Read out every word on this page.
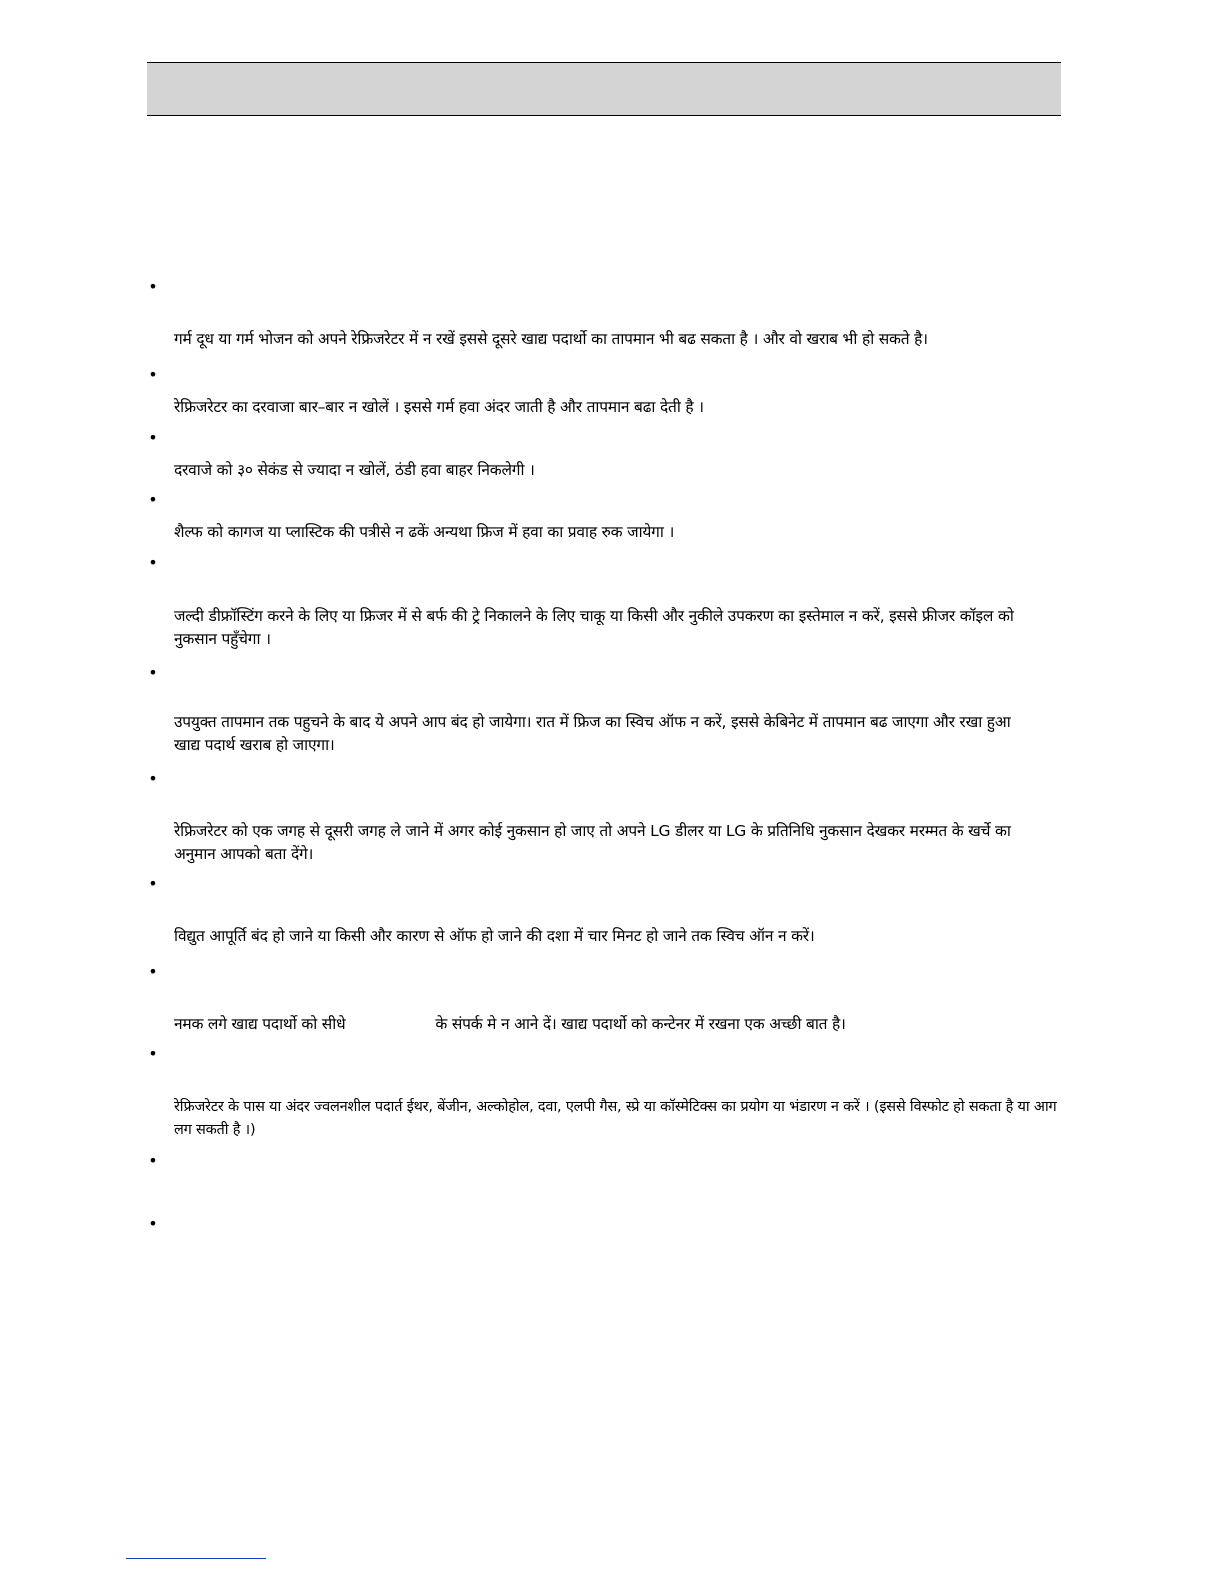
•
•
•
•
•
•
•
•
•
•
•
•
गर्म दूध या गर्म भोजन को अपने रेफ्रिजरेटर में न रखें इससे दूसरे खाद्य पदार्थो का तापमान भी बढ सकता है । और वो खराब भी हो सकते है।
रेफ्रिजरेटर का दरवाजा बार–बार न खोलें । इससे गर्म हवा अंदर जाती है और तापमान बढा देती है ।
दरवाजे को ३० सेकंड से ज्यादा न खोलें, ठंडी हवा बाहर निकलेगी ।
शैल्फ को कागज या प्लास्टिक की पत्रीसे न ढकें अन्यथा फ्रिज में हवा का प्रवाह रुक जायेगा ।
जल्दी डीफ्रॉस्टिंग करने के लिए या फ्रिजर में से बर्फ की ट्रे निकालने के लिए चाकू या किसी और नुकीले उपकरण का इस्तेमाल न करें, इससे फ्रीजर कॉइल को नुकसान पहुँचेगा ।
उपयुक्त तापमान तक पहुचने के बाद ये अपने आप बंद हो जायेगा। रात में फ्रिज का स्विच ऑफ न करें, इससे केबिनेट में तापमान बढ जाएगा और रखा हुआ खाद्य पदार्थ खराब हो जाएगा।
रेफ्रिजरेटर को एक जगह से दूसरी जगह ले जाने में अगर कोई नुकसान हो जाए तो अपने LG डीलर या LG के प्रतिनिधि नुकसान देखकर मरम्मत के खर्चे का अनुमान आपको बता देंगे।
विद्युत आपूर्ति बंद हो जाने या किसी और कारण से ऑफ हो जाने की दशा में चार मिनट हो जाने तक स्विच ऑन न करें।
नमक लगे खाद्य पदार्थो को सीधे	के संपर्क मे न आने दें। खाद्य पदार्थो को कन्टेनर में रखना एक अच्छी बात है।
रेफ्रिजरेटर के पास या अंदर ज्वलनशील पदार्त ईथर, बेंजीन, अल्कोहोल, दवा, एलपी गैस, स्प्रे या कॉस्मेटिक्स का प्रयोग या भंडारण न करें । (इससे विस्फोट हो सकता है या आग लग सकती है ।)
